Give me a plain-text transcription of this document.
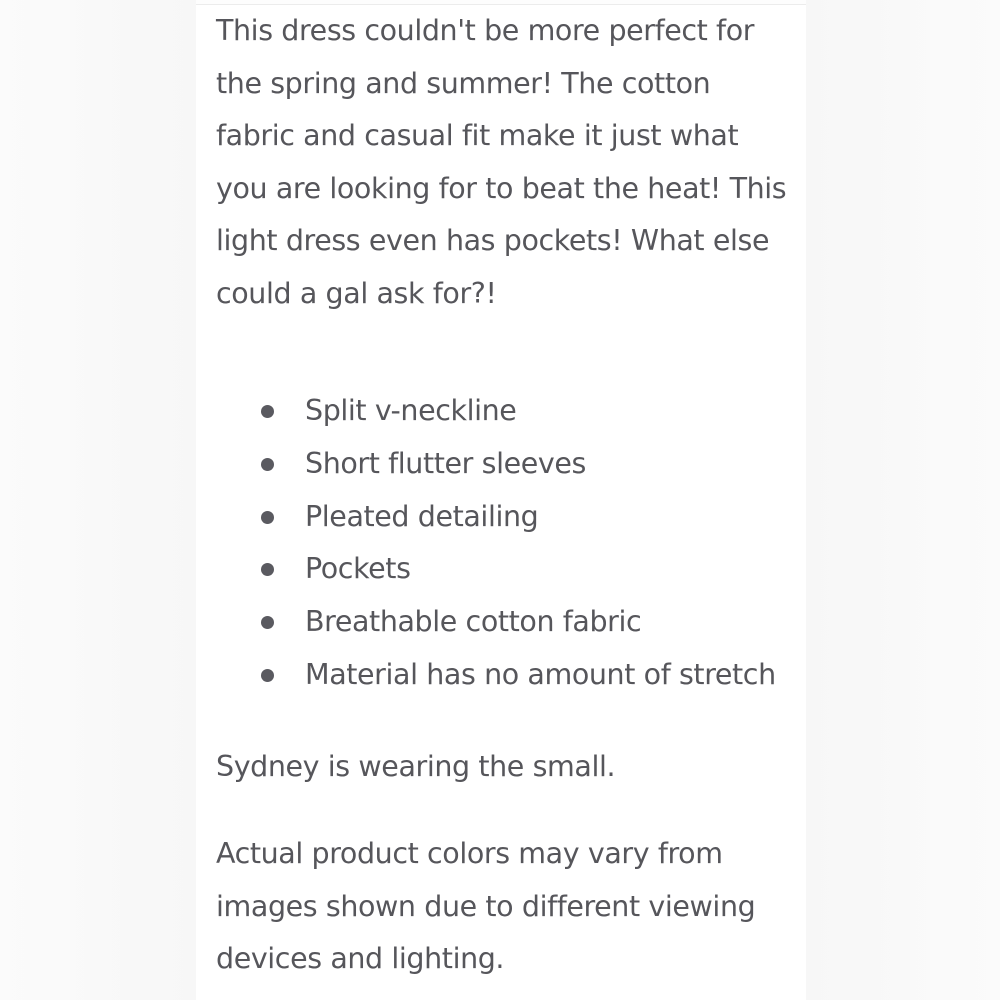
This dress couldn't be more perfect for the spring and summer! The cotton fabric and casual fit make it just what you are looking for to beat the heat! This light dress even has pockets! What else could a gal ask for?!

Split v-neckline
Short flutter sleeves
Pleated detailing
Pockets
Breathable cotton fabric
Material has no amount of stretch

Sydney is wearing the small.

Actual product colors may vary from images shown due to different viewing devices and lighting.
